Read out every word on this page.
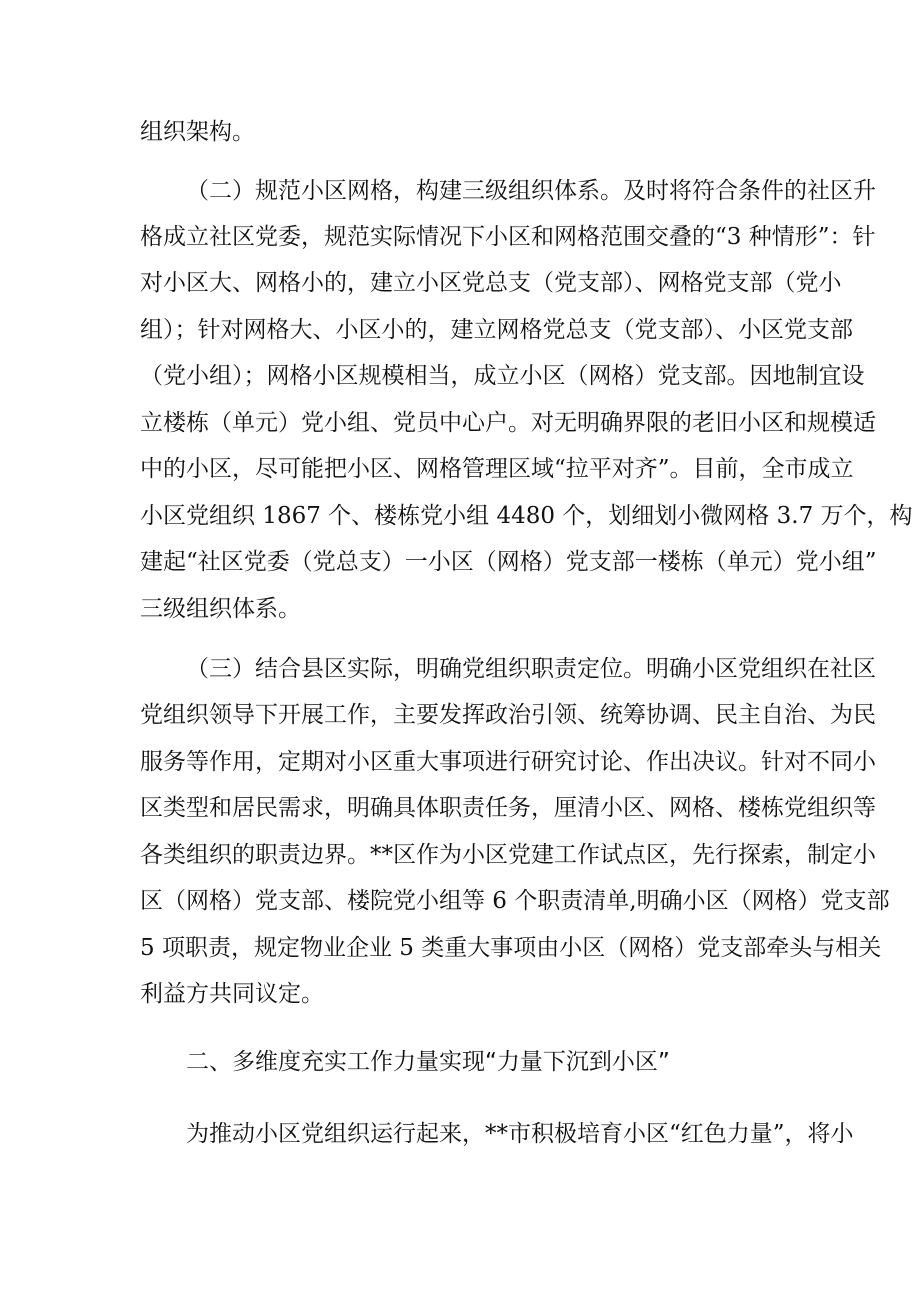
组织架构。
（二）规范小区网格，构建三级组织体系。及时将符合条件的社区升
格成立社区党委，规范实际情况下小区和网格范围交叠的“3 种情形”：针
对小区大、网格小的，建立小区党总支（党支部）、网格党支部（党小
组）；针对网格大、小区小的，建立网格党总支（党支部）、小区党支部
（党小组）；网格小区规模相当，成立小区（网格）党支部。因地制宜设
立楼栋（单元）党小组、党员中心户。对无明确界限的老旧小区和规模适
中的小区，尽可能把小区、网格管理区域“拉平对齐”。目前，全市成立
小区党组织 1867 个、楼栋党小组 4480 个，划细划小微网格 3.7 万个，构
建起“社区党委（党总支）一小区（网格）党支部一楼栋（单元）党小组”
三级组织体系。
（三）结合县区实际，明确党组织职责定位。明确小区党组织在社区
党组织领导下开展工作，主要发挥政治引领、统筹协调、民主自治、为民
服务等作用，定期对小区重大事项进行研究讨论、作出决议。针对不同小
区类型和居民需求，明确具体职责任务，厘清小区、网格、楼栋党组织等
各类组织的职责边界。**区作为小区党建工作试点区，先行探索，制定小
区（网格）党支部、楼院党小组等 6 个职责清单,明确小区（网格）党支部
5 项职责，规定物业企业 5 类重大事项由小区（网格）党支部牵头与相关
利益方共同议定。
二、多维度充实工作力量实现“力量下沉到小区”
为推动小区党组织运行起来，**市积极培育小区“红色力量”，将小
